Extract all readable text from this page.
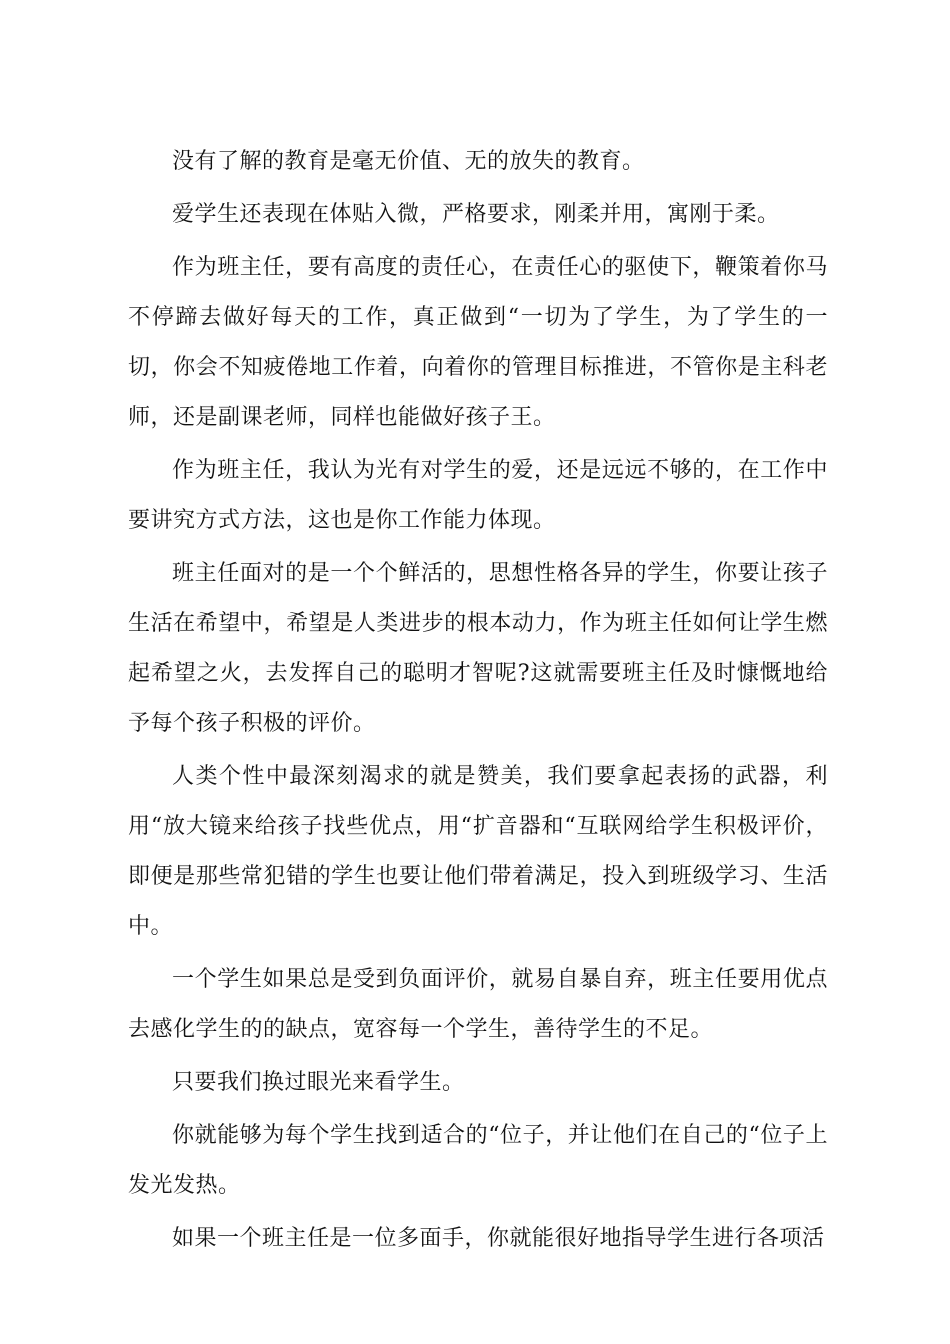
没有了解的教育是毫无价值、无的放失的教育。

爱学生还表现在体贴入微，严格要求，刚柔并用，寓刚于柔。

作为班主任，要有高度的责任心，在责任心的驱使下，鞭策着你马不停蹄去做好每天的工作，真正做到“一切为了学生，为了学生的一切，你会不知疲倦地工作着，向着你的管理目标推进，不管你是主科老师，还是副课老师，同样也能做好孩子王。

作为班主任，我认为光有对学生的爱，还是远远不够的，在工作中要讲究方式方法，这也是你工作能力体现。

班主任面对的是一个个鲜活的，思想性格各异的学生，你要让孩子生活在希望中，希望是人类进步的根本动力，作为班主任如何让学生燃起希望之火，去发挥自己的聪明才智呢?这就需要班主任及时慷慨地给予每个孩子积极的评价。

人类个性中最深刻渴求的就是赞美，我们要拿起表扬的武器，利用“放大镜来给孩子找些优点，用“扩音器和“互联网给学生积极评价，即便是那些常犯错的学生也要让他们带着满足，投入到班级学习、生活中。

一个学生如果总是受到负面评价，就易自暴自弃，班主任要用优点去感化学生的的缺点，宽容每一个学生，善待学生的不足。

只要我们换过眼光来看学生。

你就能够为每个学生找到适合的“位子，并让他们在自己的“位子上发光发热。

如果一个班主任是一位多面手，你就能很好地指导学生进行各项活
